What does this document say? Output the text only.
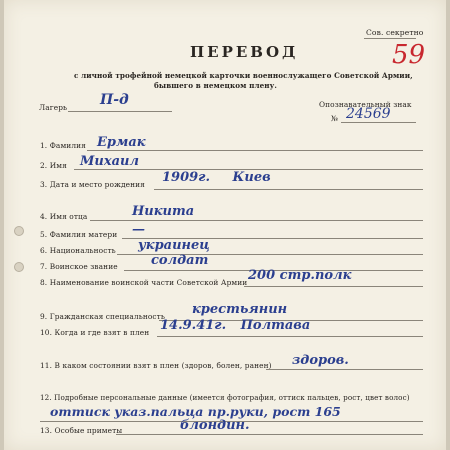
Сов. секретно
59
ПЕРЕВОД
с личной трофейной немецкой карточки военнослужащего Советской Армии,
бывшего в немецком плену.
Лагерь П-д	Опознавательный знак
№ 24569
1. Фамилия Ермак
2. Имя Михаил
3. Дата и место рождения 1909г. Киев
4. Имя отца	Никита
5. Фамилия матери —
6. Национальность украинец
7. Воинское звание	солдат
8. Наименование воинской части Советской Армии 200 стр.полк
9. Гражданская специальность крестьянин
10. Когда и где взят в плен 14.9.41г. Полтава
11. В каком состоянии взят в плен (здоров, болен, ранен) здоров.
12. Подробные персональные данные (имеется фотография, оттиск пальцев, рост, цвет волос)
оттиск указ.пальца пр.руки, рост 165
13. Особые приметы	блондин.
